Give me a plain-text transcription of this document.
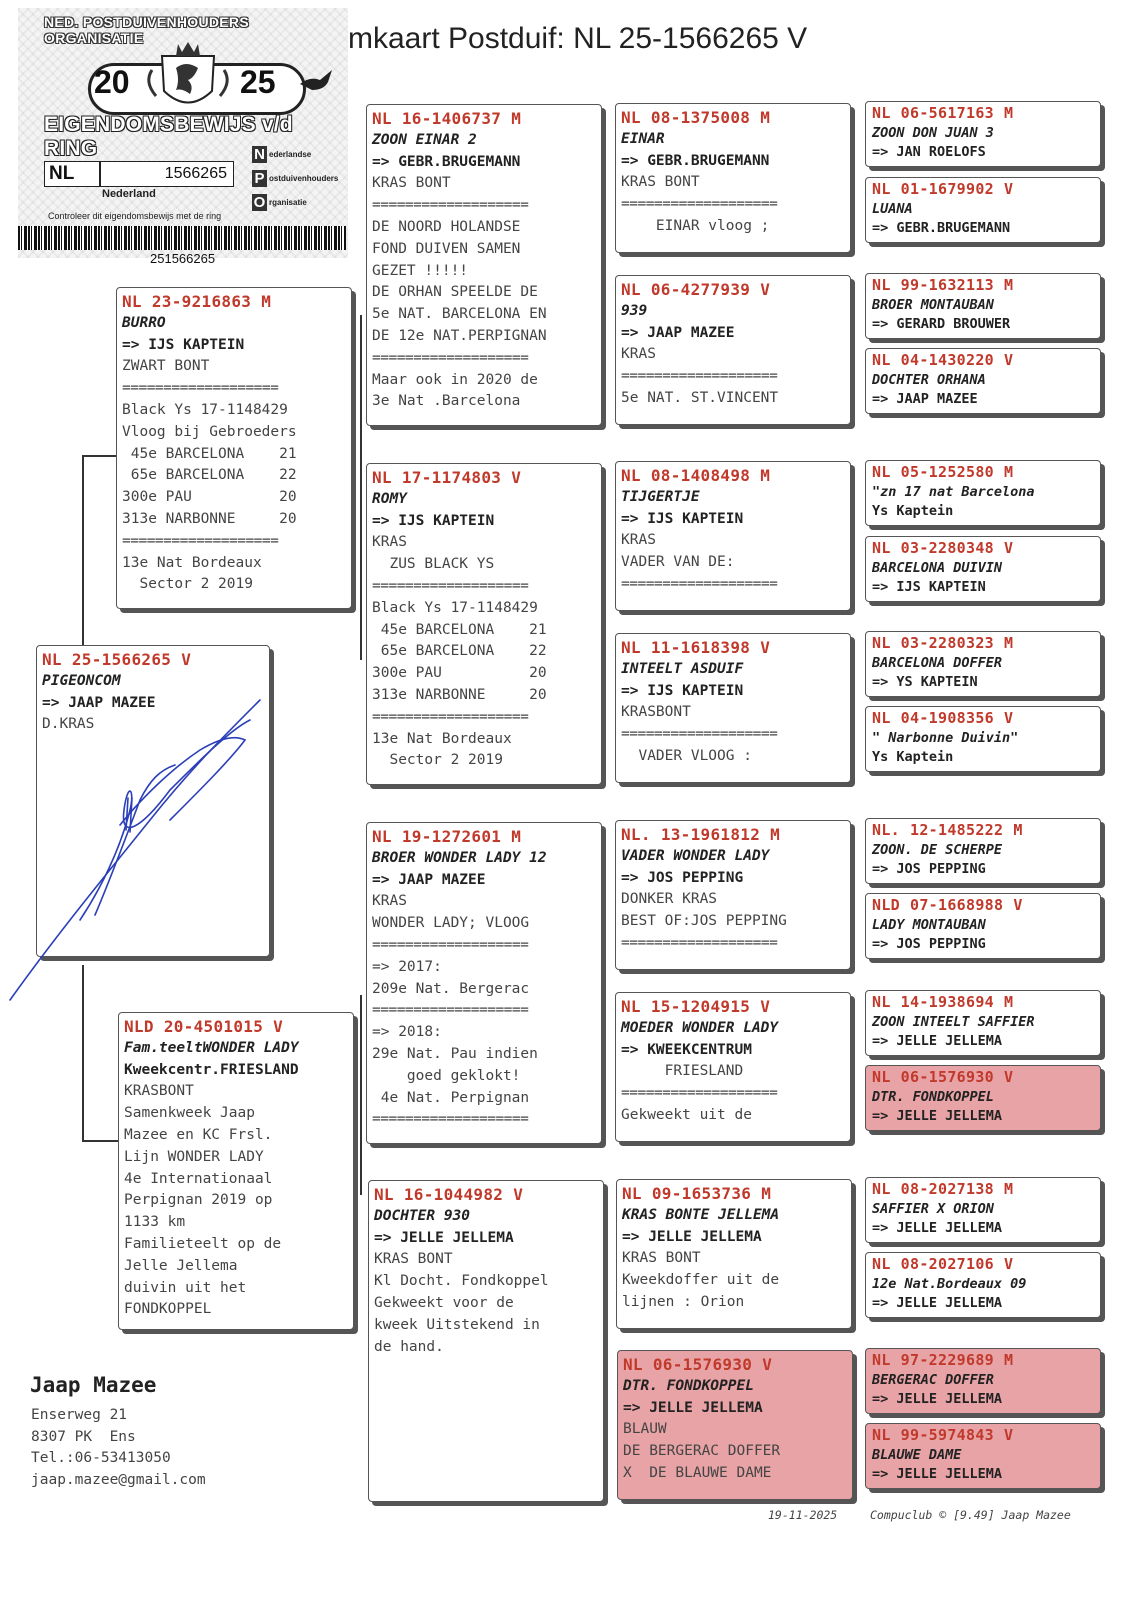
NED. POSTDUIVENHOUDERS ORGANISATIE
20	25
EIGENDOMSBEWIJS v/d RING
NL	1566265
Nederland
N ederlandse
P ostduivenhouders
O rganisatie
Controleer dit eigendomsbewijs met de ring
251566265
mkaart Postduif: NL 25-1566265 V
NL 25-1566265 V
PIGEONCOM
=> JAAP MAZEE
D.KRAS
NL 23-9216863 M
BURRO
=> IJS KAPTEIN
ZWART BONT
===================
Black Ys 17-1148429
Vloog bij Gebroeders
45e BARCELONA    21
65e BARCELONA    22
300e PAU          20
313e NARBONNE     20
===================
13e Nat Bordeaux
Sector 2 2019
NLD 20-4501015 V
Fam.teeltWONDER LADY
Kweekcentr.FRIESLAND
KRASBONT
Samenkweek Jaap
Mazee en KC Frsl.
Lijn WONDER LADY
4e Internationaal
Perpignan 2019 op
1133 km
Familieteelt op de
Jelle Jellema
duivin uit het
FONDKOPPEL
NL 16-1406737 M
ZOON EINAR 2
=> GEBR.BRUGEMANN
KRAS BONT
===================
DE NOORD HOLANDSE
FOND DUIVEN SAMEN
GEZET !!!!!
DE ORHAN SPEELDE DE
5e NAT. BARCELONA EN
DE 12e NAT.PERPIGNAN
===================
Maar ook in 2020 de
3e Nat .Barcelona
NL 17-1174803 V
ROMY
=> IJS KAPTEIN
KRAS
ZUS BLACK YS
===================
Black Ys 17-1148429
45e BARCELONA    21
65e BARCELONA    22
300e PAU          20
313e NARBONNE     20
===================
13e Nat Bordeaux
Sector 2 2019
NL 19-1272601 M
BROER WONDER LADY 12
=> JAAP MAZEE
KRAS
WONDER LADY; VLOOG
===================
=> 2017:
209e Nat. Bergerac
===================
=> 2018:
29e Nat. Pau indien
goed geklokt!
4e Nat. Perpignan
===================
NL 16-1044982 V
DOCHTER 930
=> JELLE JELLEMA
KRAS BONT
Kl Docht. Fondkoppel
Gekweekt voor de
kweek Uitstekend in
de hand.
NL 08-1375008 M
EINAR
=> GEBR.BRUGEMANN
KRAS BONT
===================
EINAR vloog ;
NL 06-4277939 V
939
=> JAAP MAZEE
KRAS
===================
5e NAT. ST.VINCENT
NL 08-1408498 M
TIJGERTJE
=> IJS KAPTEIN
KRAS
VADER VAN DE:
===================
NL 11-1618398 V
INTEELT ASDUIF
=> IJS KAPTEIN
KRASBONT
===================
VADER VLOOG :
NL. 13-1961812 M
VADER WONDER LADY
=> JOS PEPPING
DONKER KRAS
BEST OF:JOS PEPPING
===================
NL 15-1204915 V
MOEDER WONDER LADY
=> KWEEKCENTRUM
FRIESLAND
===================
Gekweekt uit de
NL 09-1653736 M
KRAS BONTE JELLEMA
=> JELLE JELLEMA
KRAS BONT
Kweekdoffer uit de
lijnen : Orion
NL 06-1576930 V
DTR. FONDKOPPEL
=> JELLE JELLEMA
BLAUW
DE BERGERAC DOFFER
X  DE BLAUWE DAME
NL 06-5617163 M
ZOON DON JUAN 3
=> JAN ROELOFS
NL 01-1679902 V
LUANA
=> GEBR.BRUGEMANN
NL 99-1632113 M
BROER MONTAUBAN
=> GERARD BROUWER
NL 04-1430220 V
DOCHTER ORHANA
=> JAAP MAZEE
NL 05-1252580 M
"zn 17 nat Barcelona
Ys Kaptein
NL 03-2280348 V
BARCELONA DUIVIN
=> IJS KAPTEIN
NL 03-2280323 M
BARCELONA DOFFER
=> YS KAPTEIN
NL 04-1908356 V
" Narbonne Duivin"
Ys Kaptein
NL. 12-1485222 M
ZOON. DE SCHERPE
=> JOS PEPPING
NLD 07-1668988 V
LADY MONTAUBAN
=> JOS PEPPING
NL 14-1938694 M
ZOON INTEELT SAFFIER
=> JELLE JELLEMA
NL 06-1576930 V
DTR. FONDKOPPEL
=> JELLE JELLEMA
NL 08-2027138 M
SAFFIER X ORION
=> JELLE JELLEMA
NL 08-2027106 V
12e Nat.Bordeaux 09
=> JELLE JELLEMA
NL 97-2229689 M
BERGERAC DOFFER
=> JELLE JELLEMA
NL 99-5974843 V
BLAUWE DAME
=> JELLE JELLEMA
Jaap Mazee
Enserweg 21
8307 PK  Ens
Tel.:06-53413050
jaap.mazee@gmail.com
19-11-2025	Compuclub © [9.49] Jaap Mazee
